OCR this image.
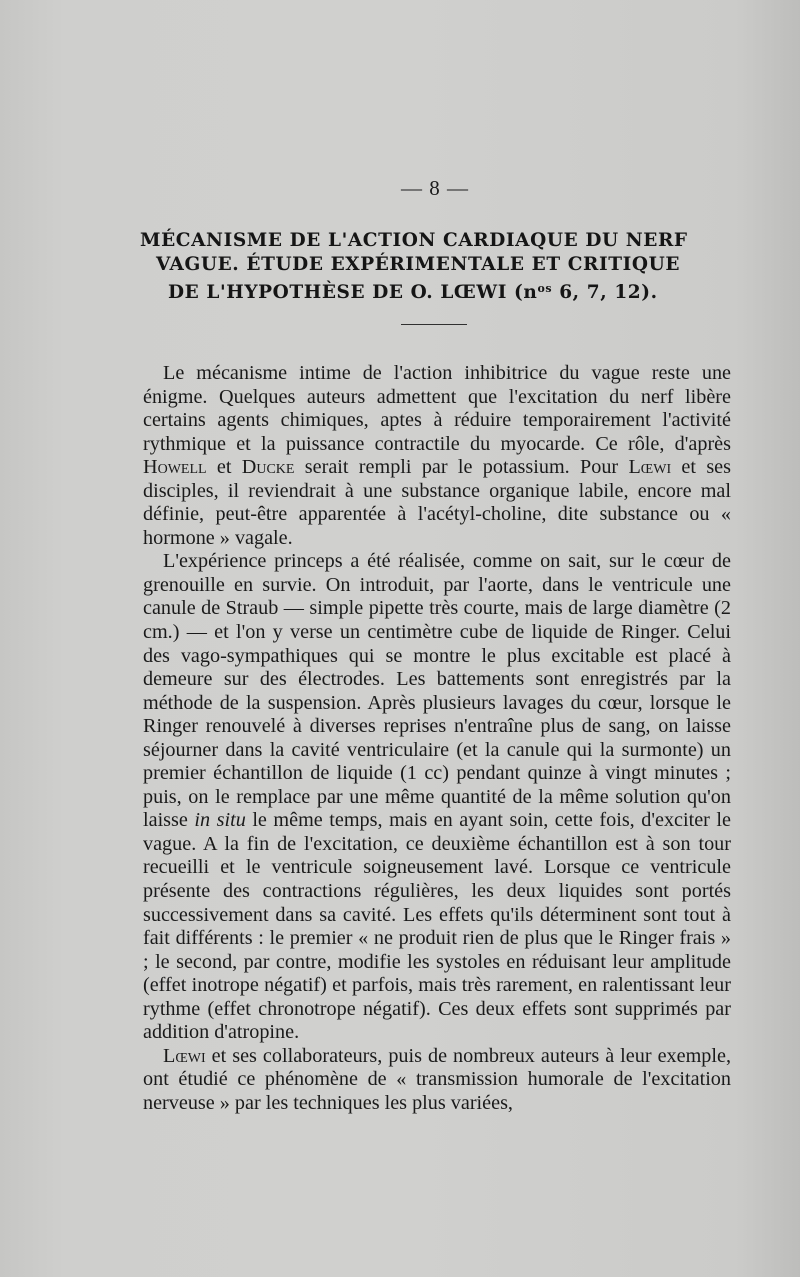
— 8 —
MÉCANISME DE L'ACTION CARDIAQUE DU NERF
VAGUE. ÉTUDE EXPÉRIMENTALE ET CRITIQUE
DE L'HYPOTHÈSE DE O. LŒWI ($n^{os}$ 6, 7, 12).

Le mécanisme intime de l'action inhibitrice du vague reste une énigme. Quelques auteurs admettent que l'excitation du nerf libère certains agents chimiques, aptes à réduire temporairement l'activité rythmique et la puissance contractile du myocarde. Ce rôle, d'après Howell et Ducke serait rempli par le potassium. Pour Lœwi et ses disciples, il reviendrait à une substance organique labile, encore mal définie, peut-être apparentée à l'acétyl-choline, dite substance ou « hormone » vagale.

L'expérience princeps a été réalisée, comme on sait, sur le cœur de grenouille en survie. On introduit, par l'aorte, dans le ventricule une canule de Straub — simple pipette très courte, mais de large diamètre (2 cm.) — et l'on y verse un centimètre cube de liquide de Ringer. Celui des vago-sympathiques qui se montre le plus excitable est placé à demeure sur des électrodes. Les battements sont enregistrés par la méthode de la suspension. Après plusieurs lavages du cœur, lorsque le Ringer renouvelé à diverses reprises n'entraîne plus de sang, on laisse séjourner dans la cavité ventriculaire (et la canule qui la surmonte) un premier échantillon de liquide (1 cc) pendant quinze à vingt minutes ; puis, on le remplace par une même quantité de la même solution qu'on laisse in situ le même temps, mais en ayant soin, cette fois, d'exciter le vague. A la fin de l'excitation, ce deuxième échantillon est à son tour recueilli et le ventricule soigneusement lavé. Lorsque ce ventricule présente des contractions régulières, les deux liquides sont portés successivement dans sa cavité. Les effets qu'ils déterminent sont tout à fait différents : le premier « ne produit rien de plus que le Ringer frais » ; le second, par contre, modifie les systoles en réduisant leur amplitude (effet inotrope négatif) et parfois, mais très rarement, en ralentissant leur rythme (effet chronotrope négatif). Ces deux effets sont supprimés par addition d'atropine.

Lœwi et ses collaborateurs, puis de nombreux auteurs à leur exemple, ont étudié ce phénomène de « transmission humorale de l'excitation nerveuse » par les techniques les plus variées,
